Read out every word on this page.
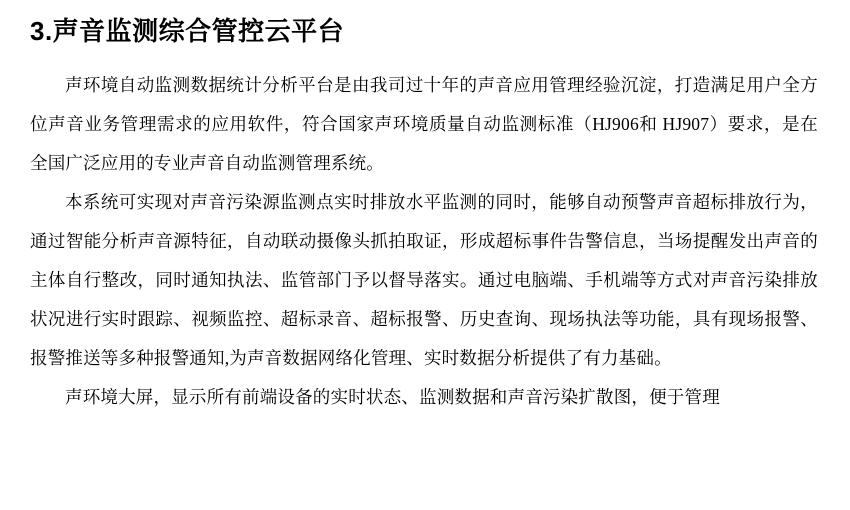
3.声音监测综合管控云平台

声环境自动监测数据统计分析平台是由我司过十年的声音应用管理经验沉淀，打造满足用户全方位声音业务管理需求的应用软件，符合国家声环境质量自动监测标准（HJ906和 HJ907）要求，是在全国广泛应用的专业声音自动监测管理系统。

本系统可实现对声音污染源监测点实时排放水平监测的同时，能够自动预警声音超标排放行为，通过智能分析声音源特征，自动联动摄像头抓拍取证，形成超标事件告警信息，当场提醒发出声音的主体自行整改，同时通知执法、监管部门予以督导落实。通过电脑端、手机端等方式对声音污染排放状况进行实时跟踪、视频监控、超标录音、超标报警、历史查询、现场执法等功能，具有现场报警、报警推送等多种报警通知,为声音数据网络化管理、实时数据分析提供了有力基础。

声环境大屏，显示所有前端设备的实时状态、监测数据和声音污染扩散图，便于管理
